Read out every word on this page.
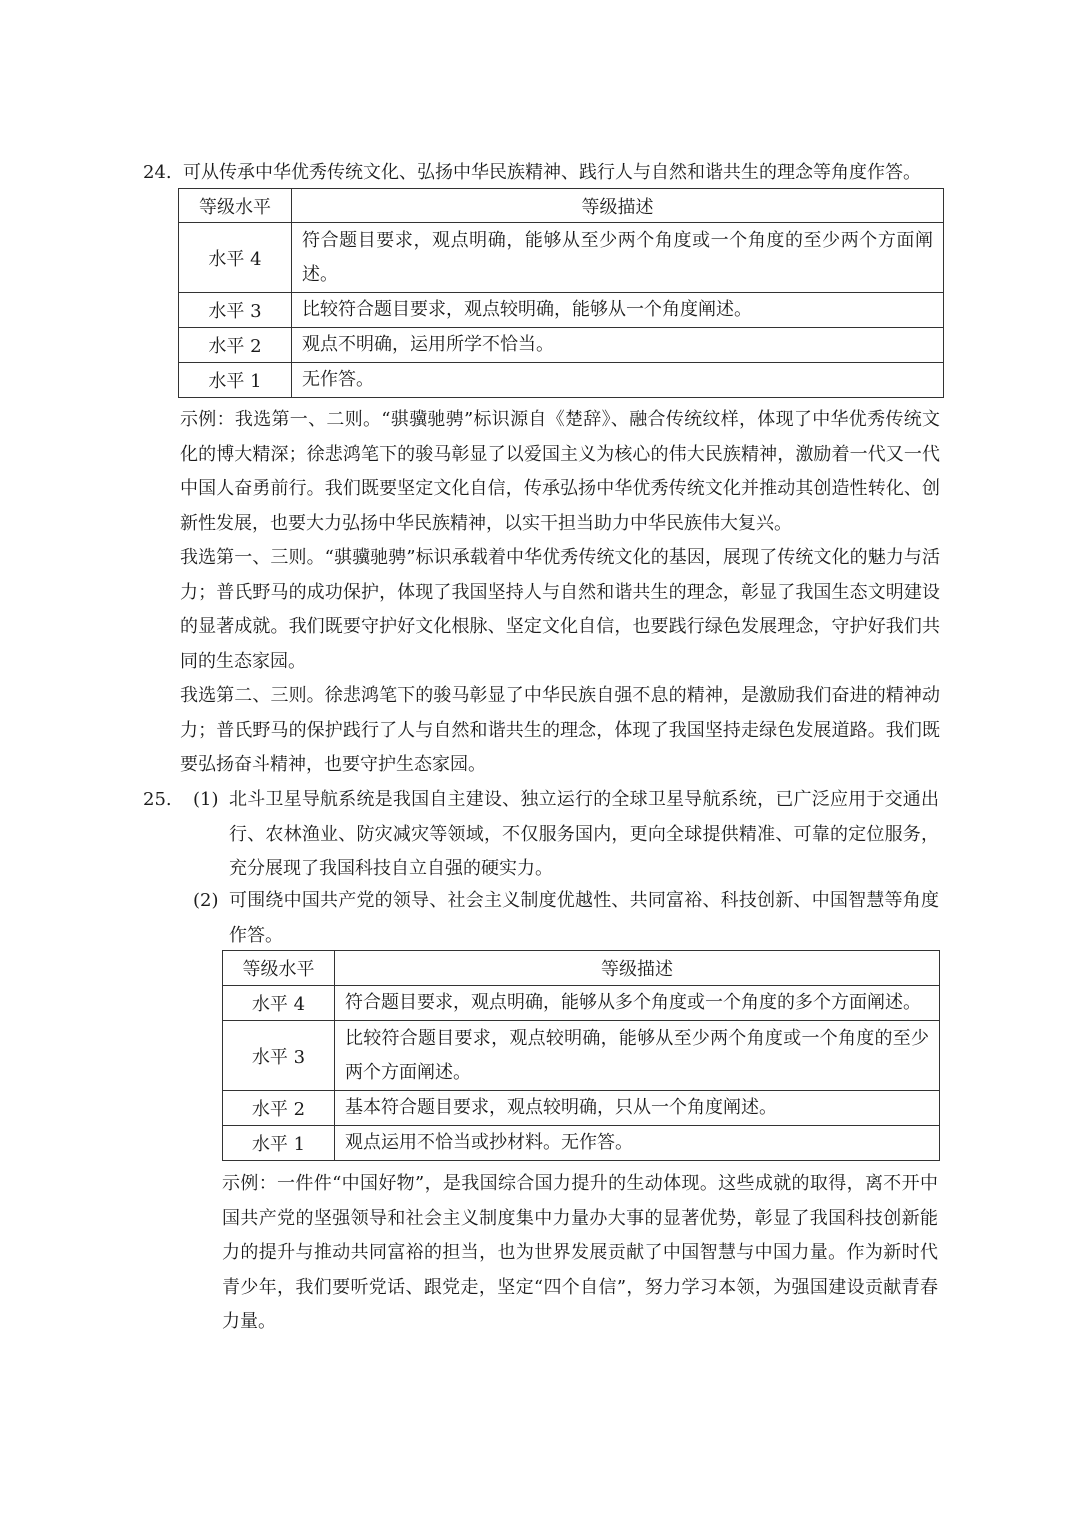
24. 可从传承中华优秀传统文化、弘扬中华民族精神、践行人与自然和谐共生的理念等角度作答。
等级水平	等级描述
水平 4	符合题目要求，观点明确，能够从至少两个角度或一个角度的至少两个方面阐述。
水平 3	比较符合题目要求，观点较明确，能够从一个角度阐述。
水平 2	观点不明确，运用所学不恰当。
水平 1	无作答。

示例：我选第一、二则。“骐骥驰骋”标识源自《楚辞》、融合传统纹样，体现了中华优秀传统文化的博大精深；徐悲鸿笔下的骏马彰显了以爱国主义为核心的伟大民族精神，激励着一代又一代中国人奋勇前行。我们既要坚定文化自信，传承弘扬中华优秀传统文化并推动其创造性转化、创新性发展，也要大力弘扬中华民族精神，以实干担当助力中华民族伟大复兴。

我选第一、三则。“骐骥驰骋”标识承载着中华优秀传统文化的基因，展现了传统文化的魅力与活力；普氏野马的成功保护，体现了我国坚持人与自然和谐共生的理念，彰显了我国生态文明建设的显著成就。我们既要守护好文化根脉、坚定文化自信，也要践行绿色发展理念，守护好我们共同的生态家园。

我选第二、三则。徐悲鸿笔下的骏马彰显了中华民族自强不息的精神，是激励我们奋进的精神动力；普氏野马的保护践行了人与自然和谐共生的理念，体现了我国坚持走绿色发展道路。我们既要弘扬奋斗精神，也要守护生态家园。

25. (1) 北斗卫星导航系统是我国自主建设、独立运行的全球卫星导航系统，已广泛应用于交通出行、农林渔业、防灾减灾等领域，不仅服务国内，更向全球提供精准、可靠的定位服务，充分展现了我国科技自立自强的硬实力。

(2) 可围绕中国共产党的领导、社会主义制度优越性、共同富裕、科技创新、中国智慧等角度作答。

等级水平	等级描述
水平 4	符合题目要求，观点明确，能够从多个角度或一个角度的多个方面阐述。
水平 3	比较符合题目要求，观点较明确，能够从至少两个角度或一个角度的至少两个方面阐述。
水平 2	基本符合题目要求，观点较明确，只从一个角度阐述。
水平 1	观点运用不恰当或抄材料。无作答。

示例：一件件“中国好物”，是我国综合国力提升的生动体现。这些成就的取得，离不开中国共产党的坚强领导和社会主义制度集中力量办大事的显著优势，彰显了我国科技创新能力的提升与推动共同富裕的担当，也为世界发展贡献了中国智慧与中国力量。作为新时代青少年，我们要听党话、跟党走，坚定“四个自信”，努力学习本领，为强国建设贡献青春力量。
